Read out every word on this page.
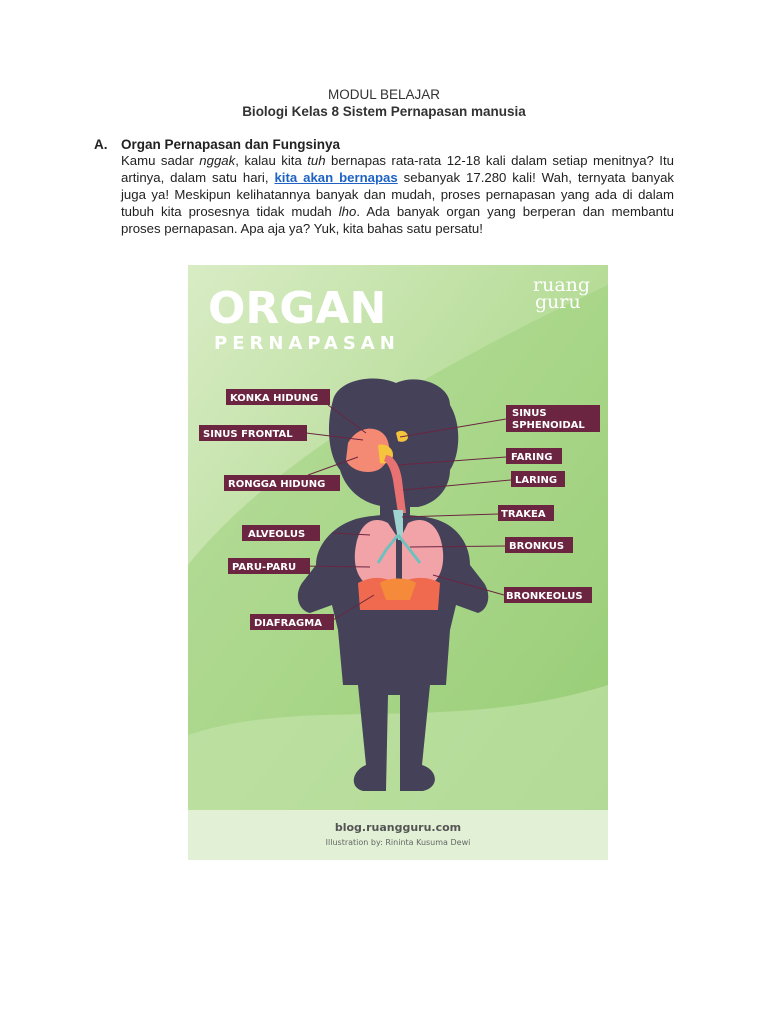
MODUL BELAJAR
Biologi Kelas 8 Sistem Pernapasan manusia
A. Organ Pernapasan dan Fungsinya
Kamu sadar nggak, kalau kita tuh bernapas rata-rata 12-18 kali dalam setiap menitnya? Itu artinya, dalam satu hari, kita akan bernapas sebanyak 17.280 kali! Wah, ternyata banyak juga ya! Meskipun kelihatannya banyak dan mudah, proses pernapasan yang ada di dalam tubuh kita prosesnya tidak mudah lho. Ada banyak organ yang berperan dan membantu proses pernapasan. Apa aja ya? Yuk, kita bahas satu persatu!
ORGAN
PERNAPASAN
ruang
guru
KONKA HIDUNG
SINUS FRONTAL
RONGGA HIDUNG
ALVEOLUS
PARU-PARU
DIAFRAGMA
SINUS
SPHENOIDAL
FARING
LARING
TRAKEA
BRONKUS
BRONKEOLUS
blog.ruangguru.com
Illustration by: Rininta Kusuma Dewi
